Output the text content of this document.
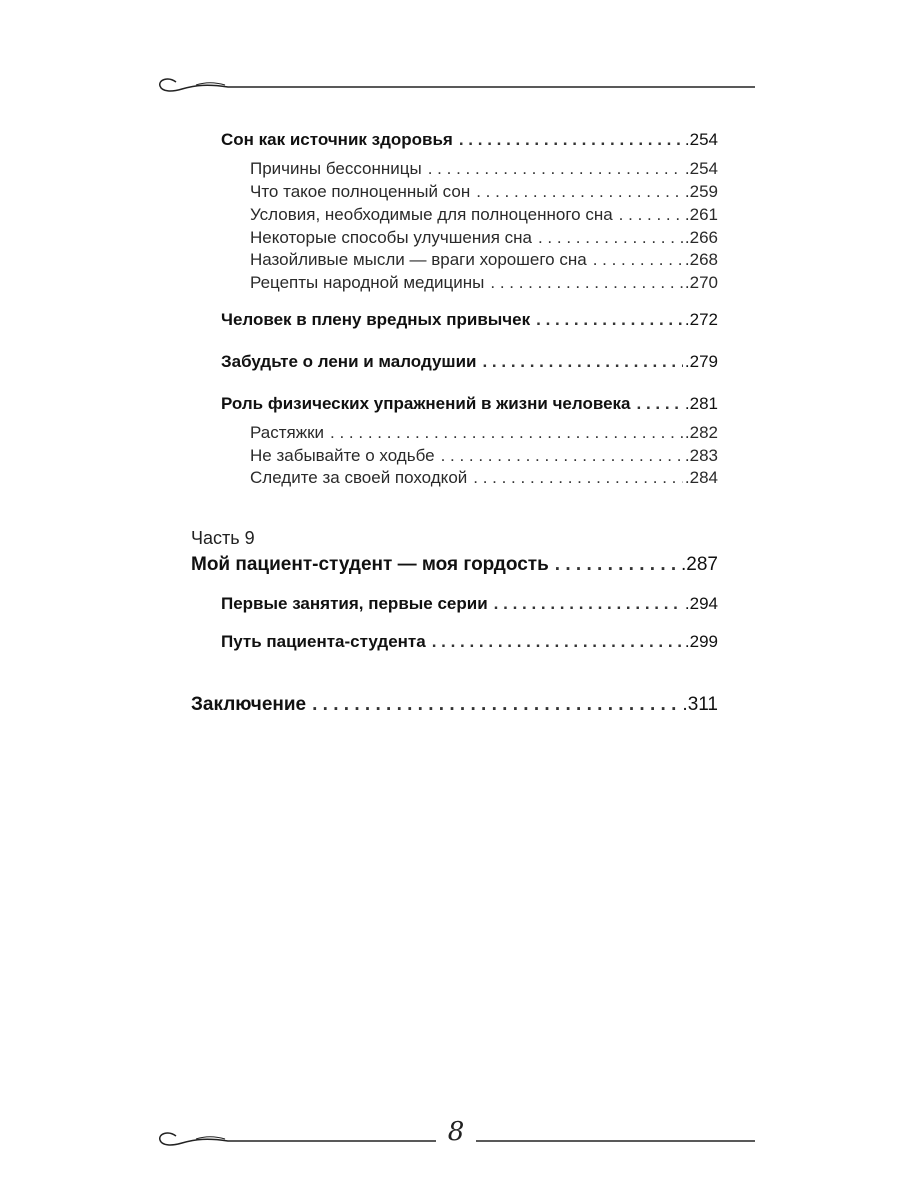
Сон как источник здоровья . . .	.254
Причины бессонницы . . .	.254
Что такое полноценный сон . . .	.259
Условия, необходимые для полноценного сна . . .	.261
Некоторые способы улучшения сна . . .	.266
Назойливые мысли — враги хорошего сна . . .	.268
Рецепты народной медицины . . .	.270
Человек в плену вредных привычек . . .	.272
Забудьте о лени и малодушии . . .	.279
Роль физических упражнений в жизни человека . . .	.281
Растяжки . . .	.282
Не забывайте о ходьбе . . .	.283
Следите за своей походкой . . .	.284
Часть 9
Мой пациент-студент — моя гордость . . .	.287
Первые занятия, первые серии . . .	.294
Путь пациента-студента . . .	.299
Заключение . . .	.311
8
